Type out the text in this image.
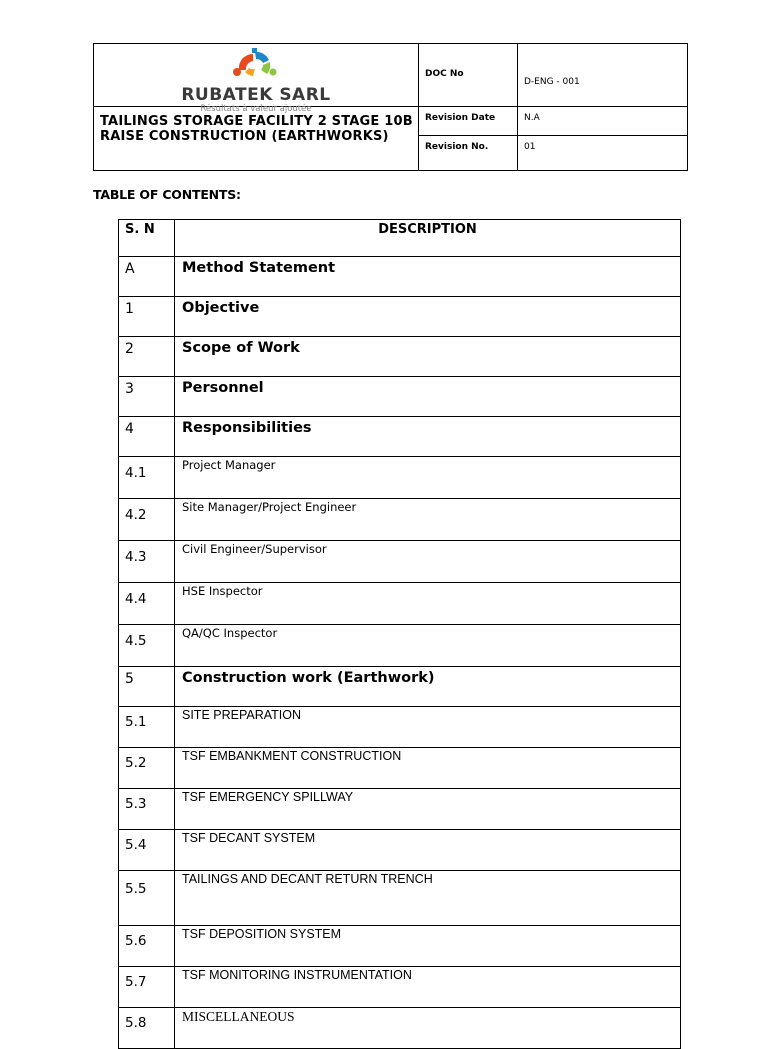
RUBATEK SARL
Résultats à valeur ajoutée	DOC No	D-ENG - 001
TAILINGS STORAGE FACILITY 2 STAGE 10B RAISE CONSTRUCTION (EARTHWORKS)	Revision Date	N.A
	Revision No.	01
TABLE OF CONTENTS:
S. N	DESCRIPTION
A	Method Statement
1	Objective
2	Scope of Work
3	Personnel
4	Responsibilities
4.1	Project Manager
4.2	Site Manager/Project Engineer
4.3	Civil Engineer/Supervisor
4.4	HSE Inspector
4.5	QA/QC Inspector
5	Construction work (Earthwork)
5.1	SITE PREPARATION
5.2	TSF EMBANKMENT CONSTRUCTION
5.3	TSF EMERGENCY SPILLWAY
5.4	TSF DECANT SYSTEM
5.5	TAILINGS AND DECANT RETURN TRENCH
5.6	TSF DEPOSITION SYSTEM
5.7	TSF MONITORING INSTRUMENTATION
5.8	MISCELLANEOUS
